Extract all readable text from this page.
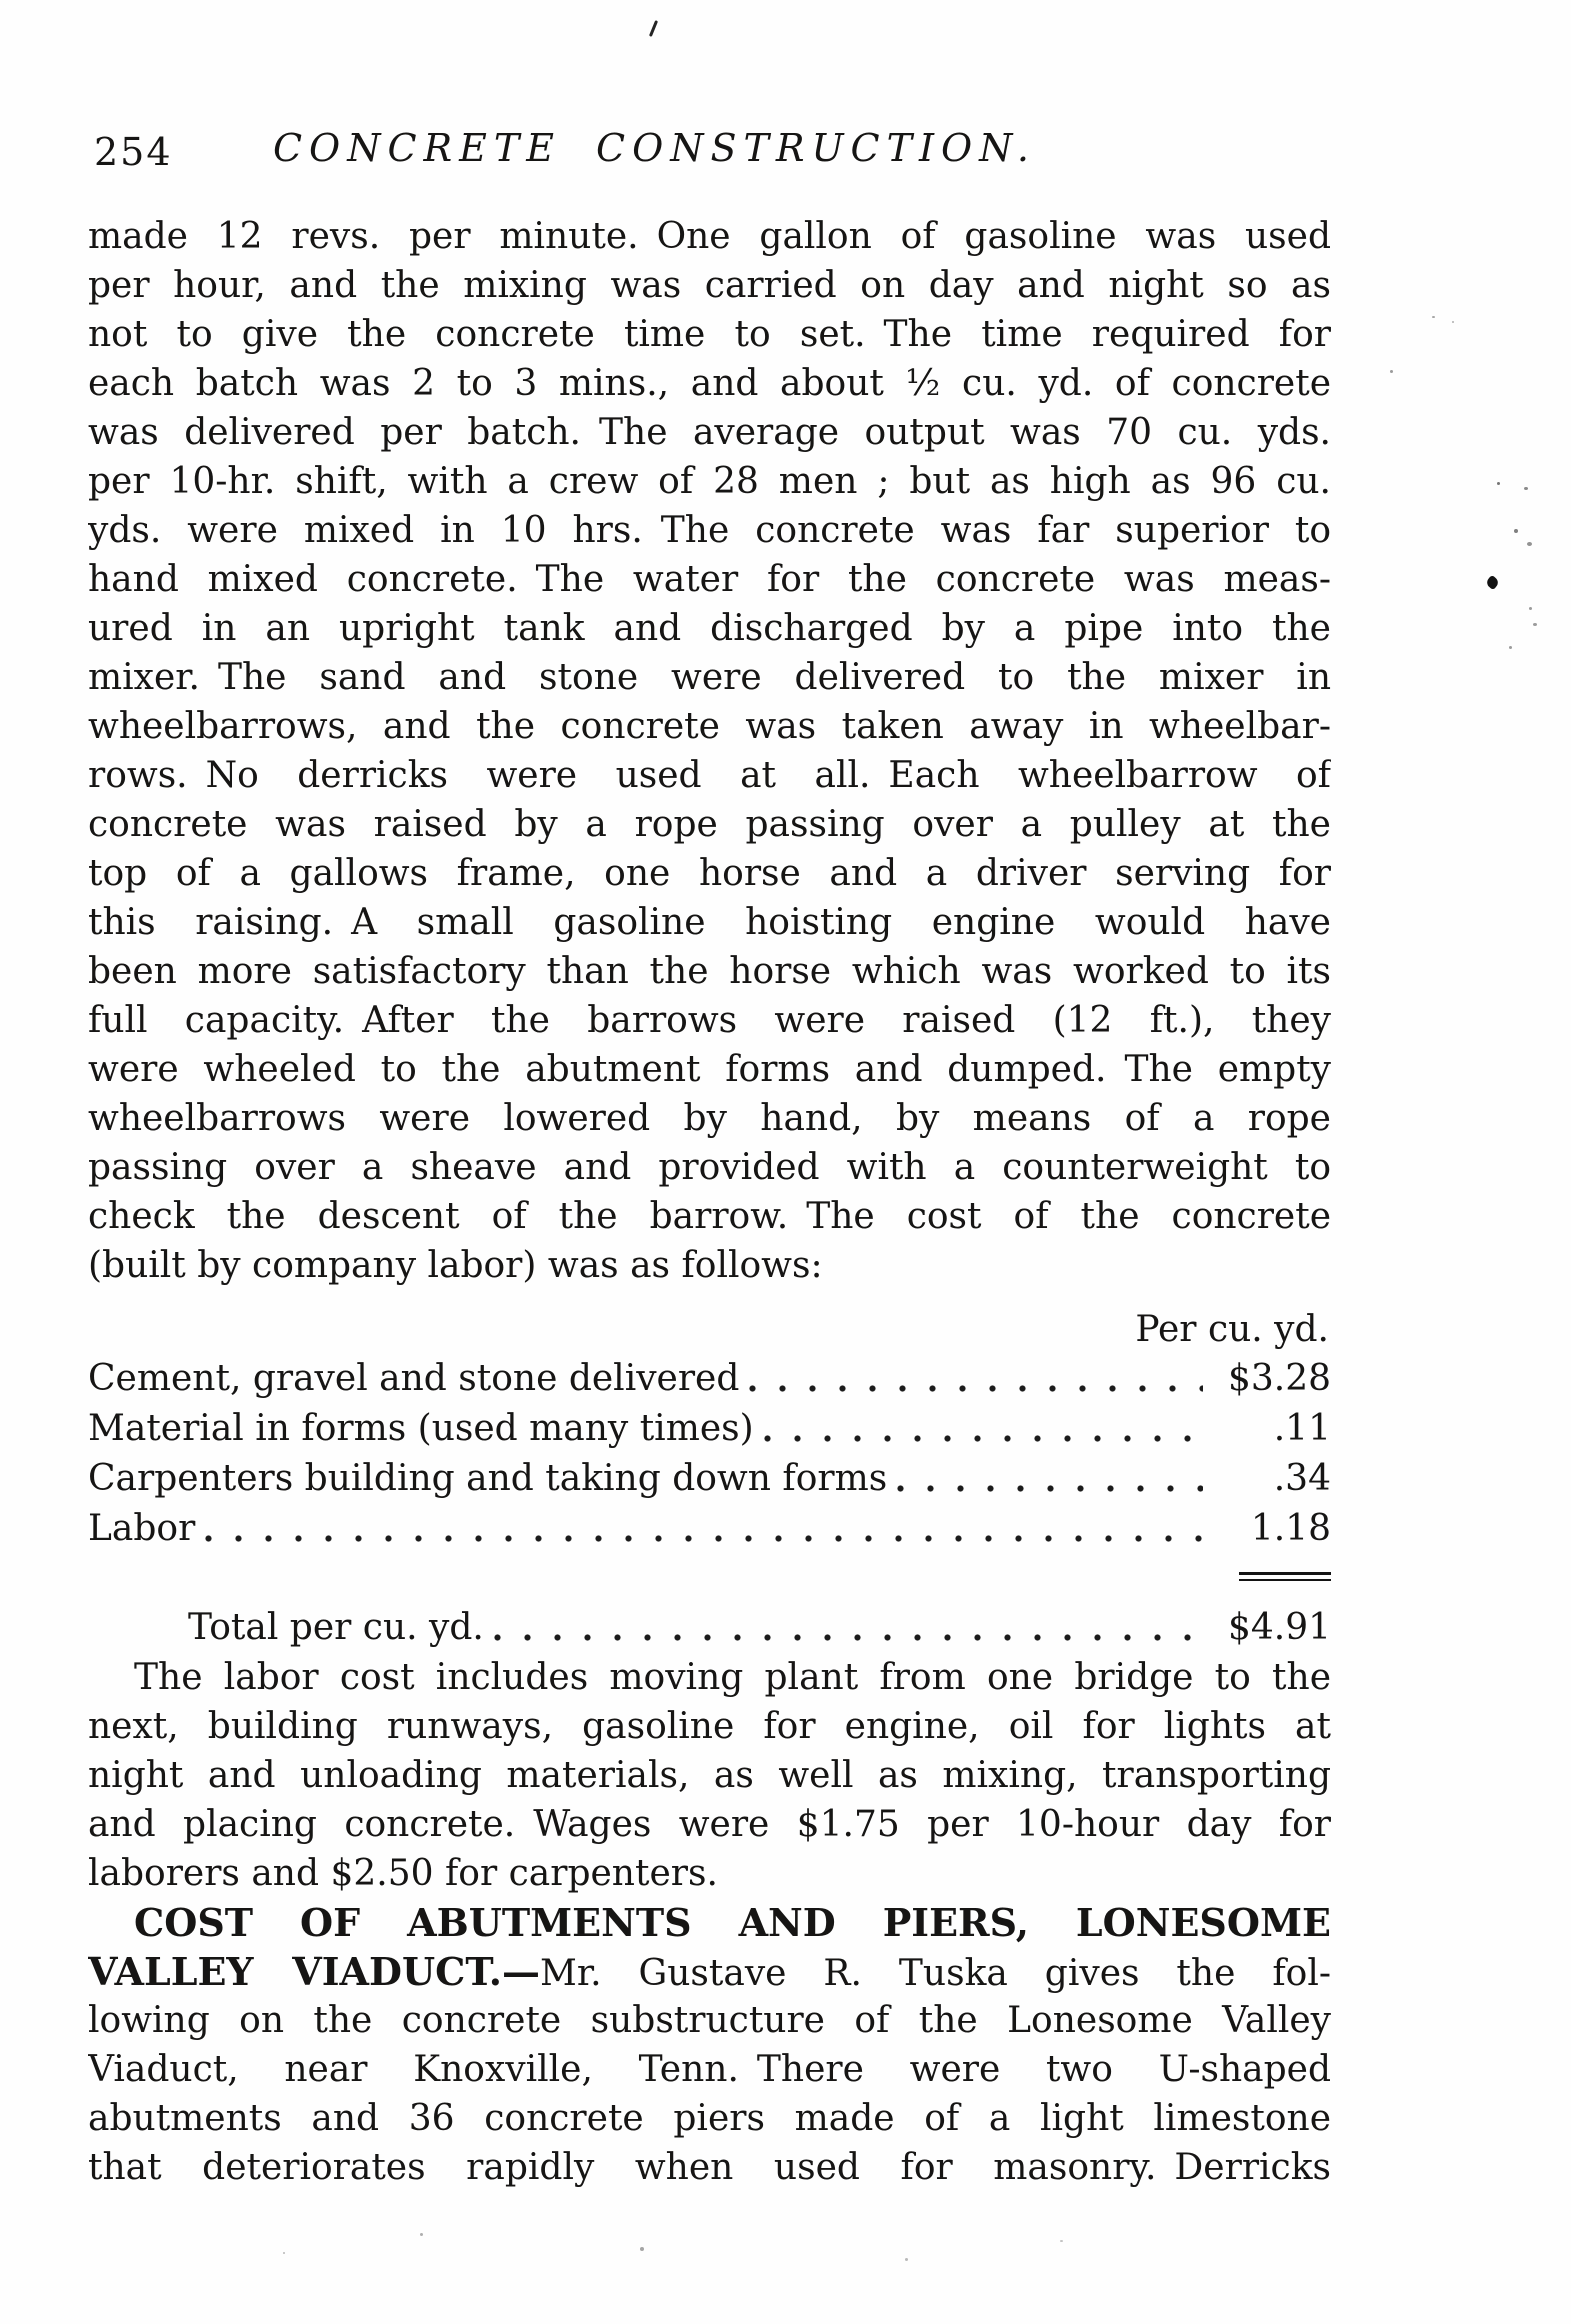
254	CONCRETE CONSTRUCTION.
made 12 revs. per minute. One gallon of gasoline was used
per hour, and the mixing was carried on day and night so as
not to give the concrete time to set. The time required for
each batch was 2 to 3 mins., and about ½ cu. yd. of concrete
was delivered per batch. The average output was 70 cu. yds.
per 10-hr. shift, with a crew of 28 men ; but as high as 96 cu.
yds. were mixed in 10 hrs. The concrete was far superior to
hand mixed concrete. The water for the concrete was meas-
ured in an upright tank and discharged by a pipe into the
mixer. The sand and stone were delivered to the mixer in
wheelbarrows, and the concrete was taken away in wheelbar-
rows. No derricks were used at all. Each wheelbarrow of
concrete was raised by a rope passing over a pulley at the
top of a gallows frame, one horse and a driver serving for
this raising. A small gasoline hoisting engine would have
been more satisfactory than the horse which was worked to its
full capacity. After the barrows were raised (12 ft.), they
were wheeled to the abutment forms and dumped. The empty
wheelbarrows were lowered by hand, by means of a rope
passing over a sheave and provided with a counterweight to
check the descent of the barrow. The cost of the concrete
(built by company labor) was as follows:
Per cu. yd.
Cement, gravel and stone delivered	$3.28
Material in forms (used many times)	.11
Carpenters building and taking down forms	.34
Labor	1.18
Total per cu. yd.	$4.91
The labor cost includes moving plant from one bridge to the
next, building runways, gasoline for engine, oil for lights at
night and unloading materials, as well as mixing, transporting
and placing concrete. Wages were $1.75 per 10-hour day for
laborers and $2.50 for carpenters.
COST OF ABUTMENTS AND PIERS, LONESOME
VALLEY VIADUCT.—Mr. Gustave R. Tuska gives the fol-
lowing on the concrete substructure of the Lonesome Valley
Viaduct, near Knoxville, Tenn. There were two U-shaped
abutments and 36 concrete piers made of a light limestone
that deteriorates rapidly when used for masonry. Derricks
